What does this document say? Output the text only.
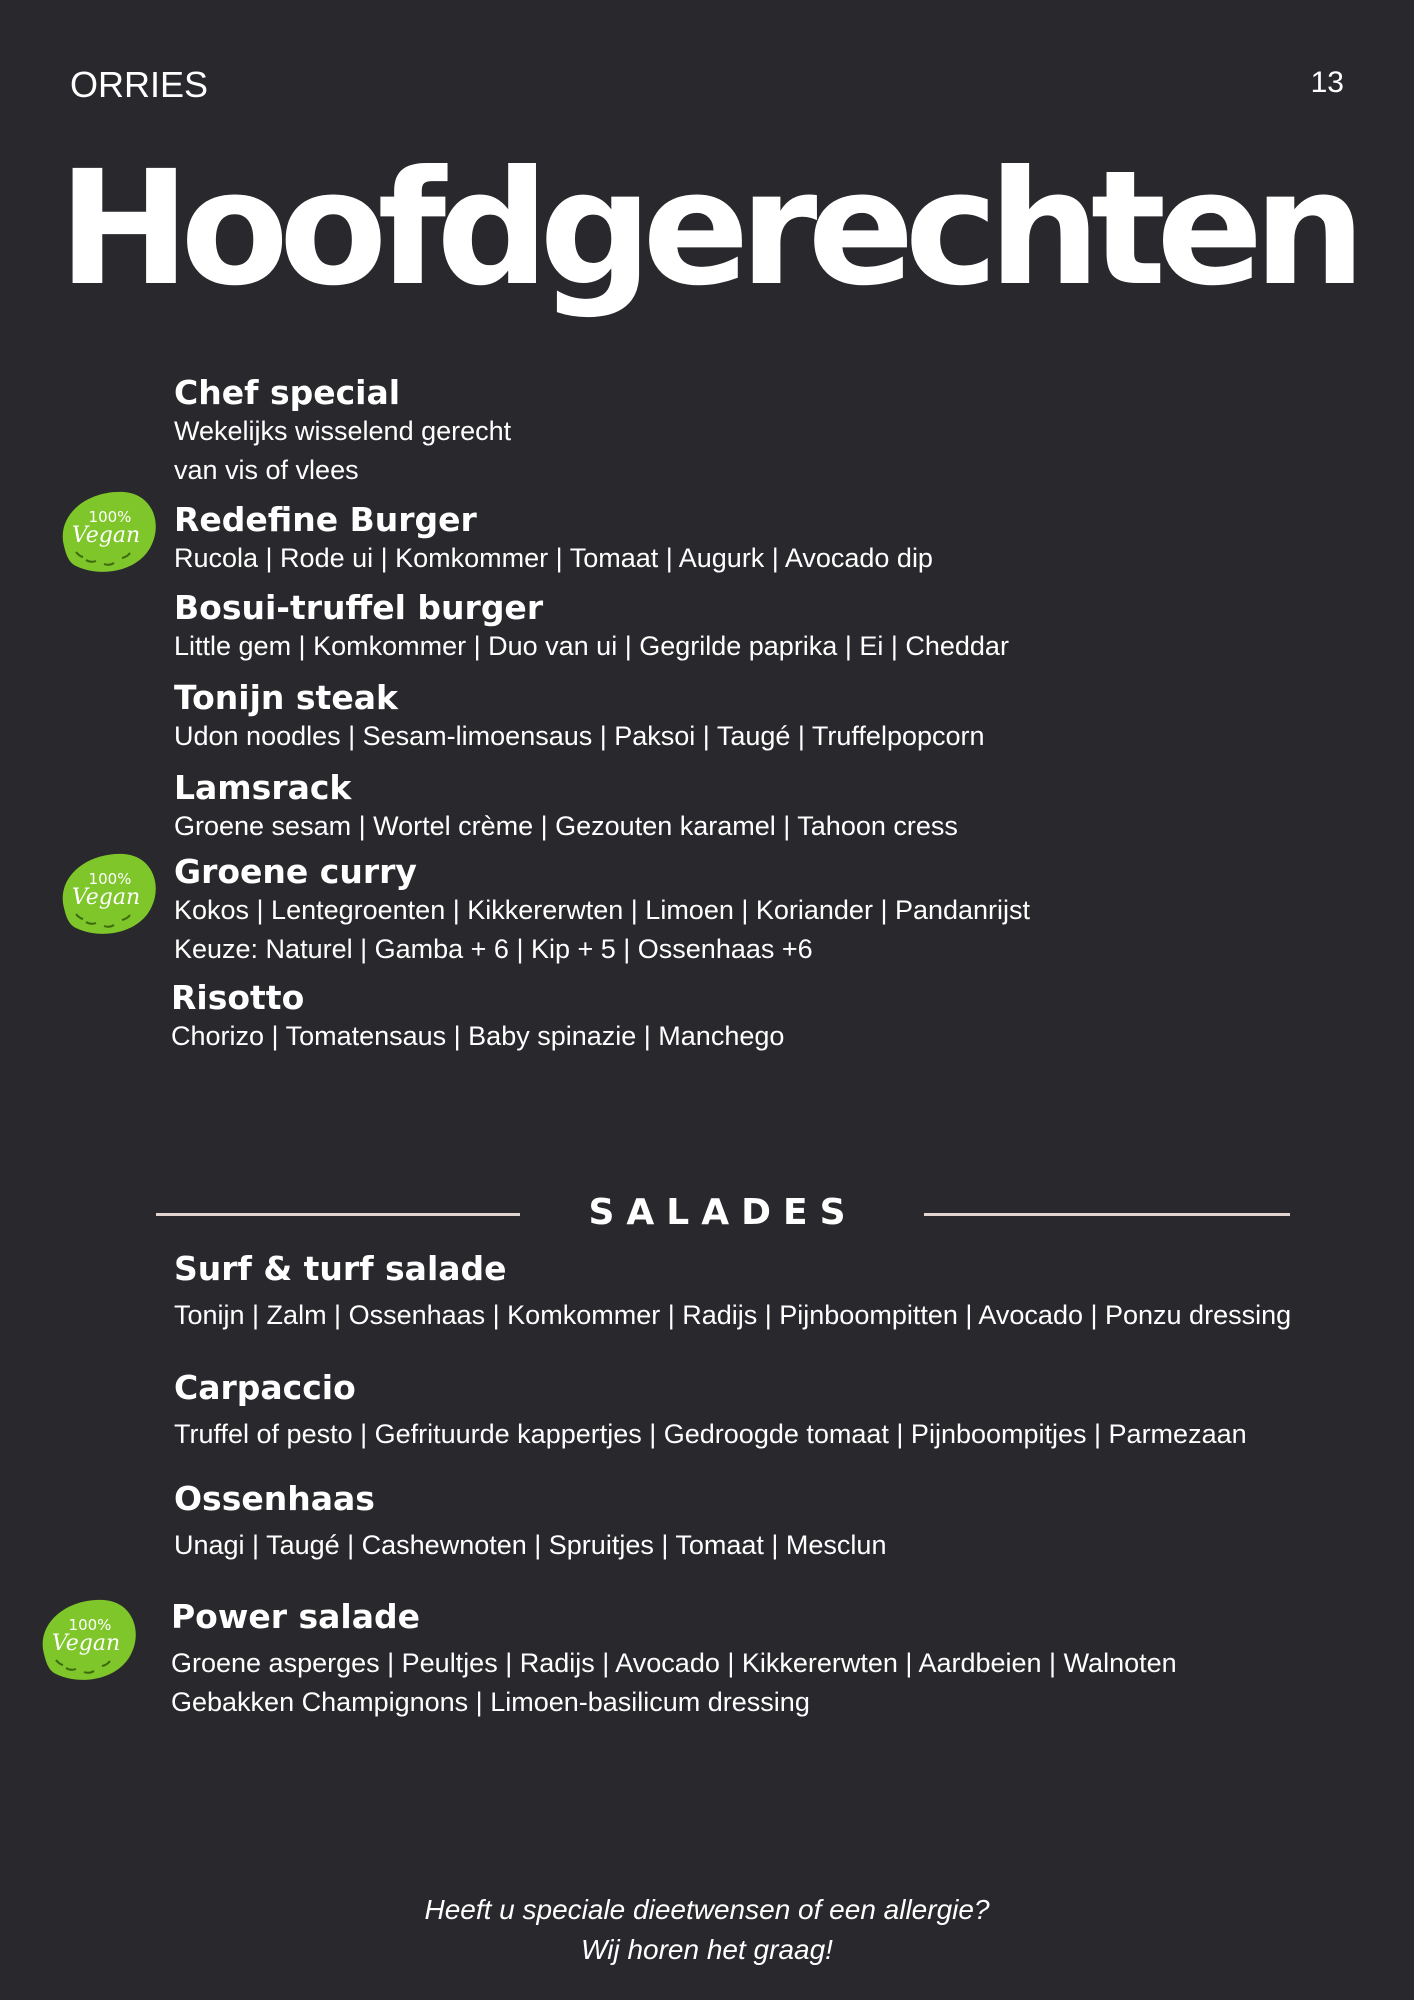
ORRIES	13
Hoofdgerechten
Chef special
Wekelijks wisselend gerecht
van vis of vlees
100%
Vegan Redefine Burger
Rucola | Rode ui | Komkommer | Tomaat | Augurk | Avocado dip
Bosui-truffel burger
Little gem | Komkommer | Duo van ui | Gegrilde paprika | Ei | Cheddar
Tonijn steak
Udon noodles | Sesam-limoensaus | Paksoi | Taugé | Truffelpopcorn
Lamsrack
Groene sesam | Wortel crème | Gezouten karamel | Tahoon cress
100%
Vegan
Groene curry
Kokos | Lentegroenten | Kikkererwten | Limoen | Koriander | Pandanrijst
Keuze: Naturel | Gamba + 6 | Kip + 5 | Ossenhaas +6
Risotto
Chorizo | Tomatensaus | Baby spinazie | Manchego
SALADES
Surf & turf salade
Tonijn | Zalm | Ossenhaas | Komkommer | Radijs | Pijnboompitten | Avocado | Ponzu dressing
Carpaccio
Truffel of pesto | Gefrituurde kappertjes | Gedroogde tomaat | Pijnboompitjes | Parmezaan
Ossenhaas
Unagi | Taugé | Cashewnoten | Spruitjes | Tomaat | Mesclun
100%
Vegan
Power salade
Groene asperges | Peultjes | Radijs | Avocado | Kikkererwten | Aardbeien | Walnoten
Gebakken Champignons | Limoen-basilicum dressing
Heeft u speciale dieetwensen of een allergie?
Wij horen het graag!
